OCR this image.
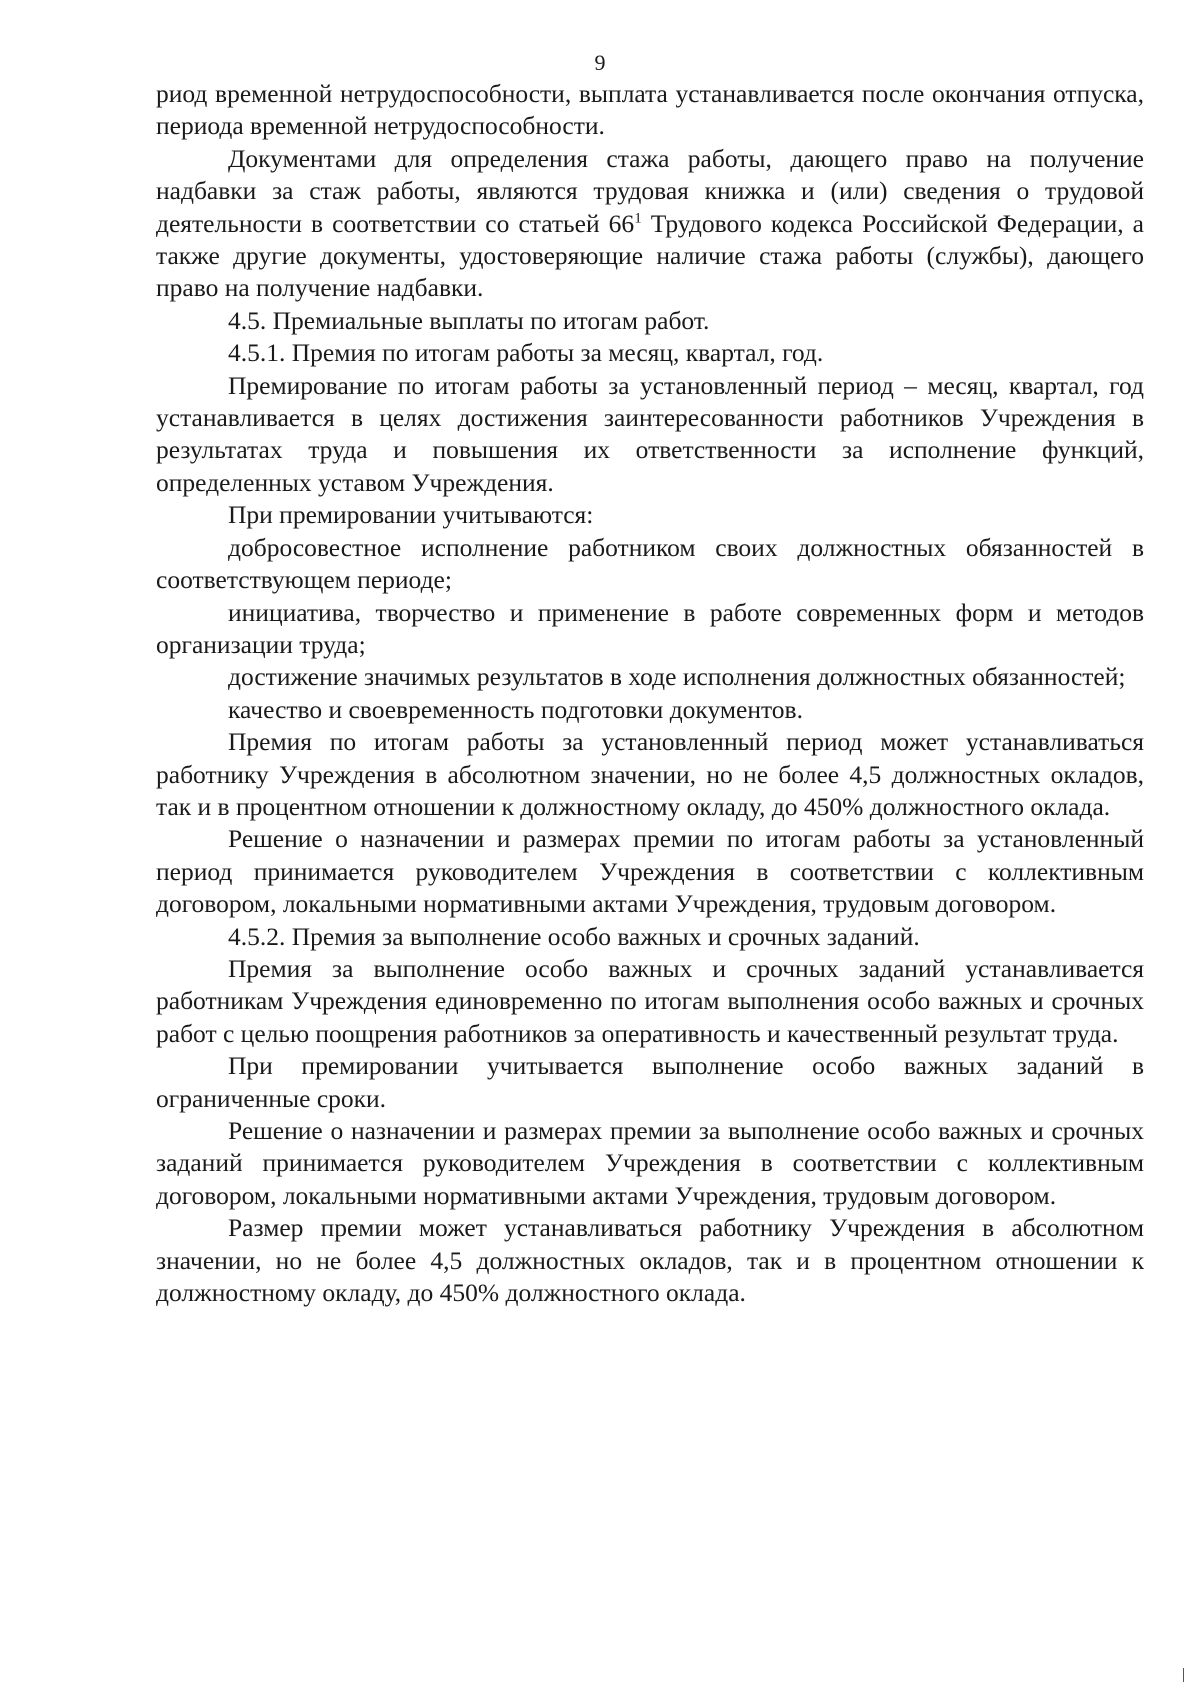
9

риод временной нетрудоспособности, выплата устанавливается после окончания отпуска, периода временной нетрудоспособности.

Документами для определения стажа работы, дающего право на получение надбавки за стаж работы, являются трудовая книжка и (или) сведения о трудовой деятельности в соответствии со статьей $66^1$ Трудового кодекса Российской Федерации, а также другие документы, удостоверяющие наличие стажа работы (службы), дающего право на получение надбавки.

4.5. Премиальные выплаты по итогам работ.

4.5.1. Премия по итогам работы за месяц, квартал, год.

Премирование по итогам работы за установленный период – месяц, квартал, год устанавливается в целях достижения заинтересованности работников Учреждения в результатах труда и повышения их ответственности за исполнение функций, определенных уставом Учреждения.

При премировании учитываются:

добросовестное исполнение работником своих должностных обязанностей в соответствующем периоде;

инициатива, творчество и применение в работе современных форм и методов организации труда;

достижение значимых результатов в ходе исполнения должностных обязанностей;

качество и своевременность подготовки документов.

Премия по итогам работы за установленный период может устанавливаться работнику Учреждения в абсолютном значении, но не более 4,5 должностных окладов, так и в процентном отношении к должностному окладу, до 450% должностного оклада.

Решение о назначении и размерах премии по итогам работы за установленный период принимается руководителем Учреждения в соответствии с коллективным договором, локальными нормативными актами Учреждения, трудовым договором.

4.5.2. Премия за выполнение особо важных и срочных заданий.

Премия за выполнение особо важных и срочных заданий устанавливается работникам Учреждения единовременно по итогам выполнения особо важных и срочных работ с целью поощрения работников за оперативность и качественный результат труда.

При премировании учитывается выполнение особо важных заданий в ограниченные сроки.

Решение о назначении и размерах премии за выполнение особо важных и срочных заданий принимается руководителем Учреждения в соответствии с коллективным договором, локальными нормативными актами Учреждения, трудовым договором.

Размер премии может устанавливаться работнику Учреждения в абсолютном значении, но не более 4,5 должностных окладов, так и в процентном отношении к должностному окладу, до 450% должностного оклада.
